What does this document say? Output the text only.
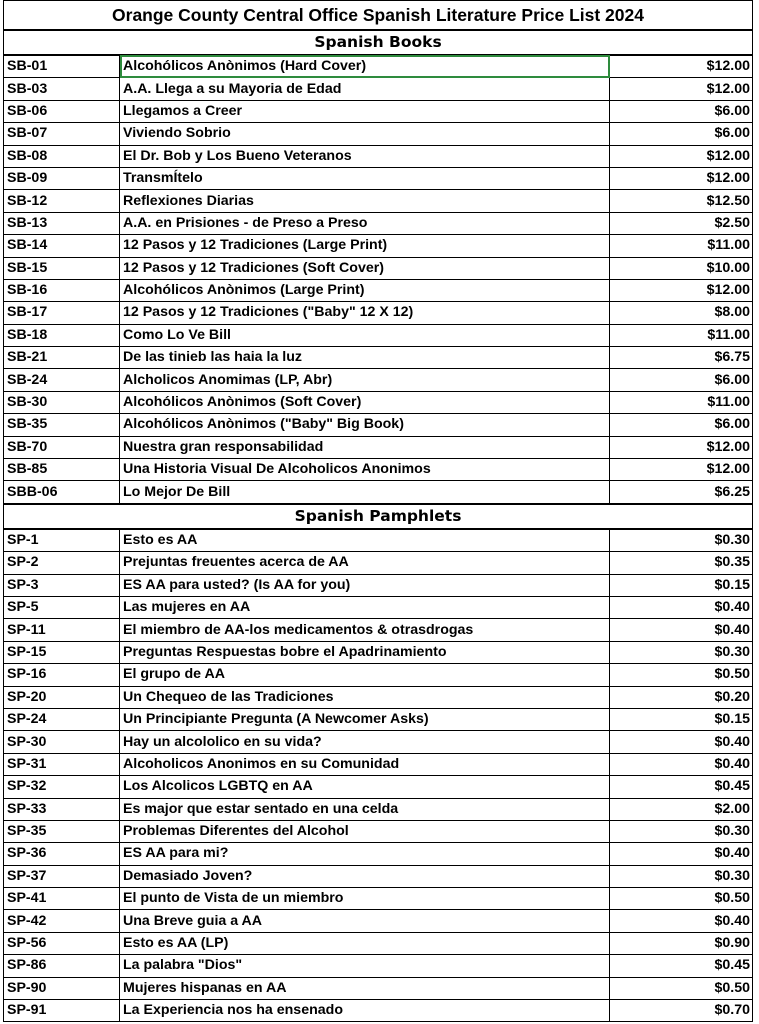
Orange County Central Office Spanish Literature Price List 2024		
Spanish Books		
SB-01	Alcohólicos Anònimos (Hard Cover)	$12.00
SB-03	A.A. Llega a su Mayoria de Edad	$12.00
SB-06	Llegamos a Creer	$6.00
SB-07	Viviendo Sobrio	$6.00
SB-08	El Dr. Bob y Los Bueno Veteranos	$12.00
SB-09	TransmÍtelo	$12.00
SB-12	Reflexiones Diarias	$12.50
SB-13	A.A. en Prisiones - de Preso a Preso	$2.50
SB-14	12 Pasos y 12 Tradiciones (Large Print)	$11.00
SB-15	12 Pasos y 12 Tradiciones (Soft Cover)	$10.00
SB-16	Alcohólicos Anònimos (Large Print)	$12.00
SB-17	12 Pasos y 12 Tradiciones ("Baby" 12 X 12)	$8.00
SB-18	Como Lo Ve Bill	$11.00
SB-21	De las tinieb las haia la luz	$6.75
SB-24	Alcholicos Anomimas (LP, Abr)	$6.00
SB-30	Alcohólicos Anònimos (Soft Cover)	$11.00
SB-35	Alcohólicos Anònimos ("Baby" Big Book)	$6.00
SB-70	Nuestra gran responsabilidad	$12.00
SB-85	Una Historia Visual De Alcoholicos Anonimos	$12.00
SBB-06	Lo Mejor De Bill	$6.25
Spanish Pamphlets		
SP-1	Esto es AA	$0.30
SP-2	Prejuntas freuentes acerca de AA	$0.35
SP-3	ES AA para usted? (Is AA for you)	$0.15
SP-5	Las mujeres en AA	$0.40
SP-11	El miembro de AA-los medicamentos & otrasdrogas	$0.40
SP-15	Preguntas Respuestas bobre el Apadrinamiento	$0.30
SP-16	El grupo de AA	$0.50
SP-20	Un Chequeo de las Tradiciones	$0.20
SP-24	Un Principiante Pregunta (A Newcomer Asks)	$0.15
SP-30	Hay un alcololico en su vida?	$0.40
SP-31	Alcoholicos Anonimos en su Comunidad	$0.40
SP-32	Los Alcolicos LGBTQ en AA	$0.45
SP-33	Es major que estar sentado en una celda	$2.00
SP-35	Problemas Diferentes del Alcohol	$0.30
SP-36	ES AA para mi?	$0.40
SP-37	Demasiado Joven?	$0.30
SP-41	El punto de Vista de un miembro	$0.50
SP-42	Una Breve guia a AA	$0.40
SP-56	Esto es AA (LP)	$0.90
SP-86	La palabra "Dios"	$0.45
SP-90	Mujeres hispanas en AA	$0.50
SP-91	La Experiencia nos ha ensenado	$0.70
